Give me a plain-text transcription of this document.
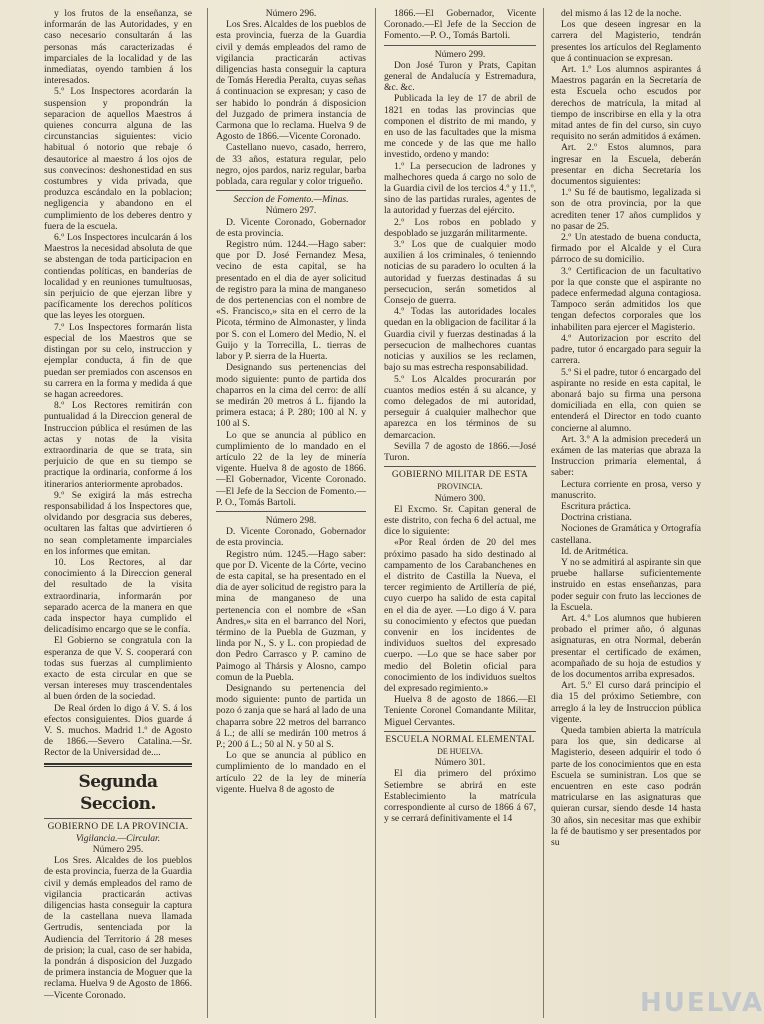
y los frutos de la enseñanza, se informarán de las Autoridades, y en caso necesario consultarán á las personas más caracterizadas é imparciales de la localidad y de las inmediatas, oyendo tambien á los interesados.

5.º Los Inspectores acordarán la suspension y propondrán la separacion de aquellos Maestros á quienes concurra alguna de las circunstancias siguientes: vicio habitual ó notorio que rebaje ó desautorice al maestro á los ojos de sus convecinos: deshonestidad en sus costumbres y vida privada, que produzca escándalo en la poblacion; negligencia y abandono en el cumplimiento de los deberes dentro y fuera de la escuela.

6.º Los Inspectores inculcarán á los Maestros la necesidad absoluta de que se abstengan de toda participacion en contiendas políticas, en banderías de localidad y en reuniones tumultuosas, sin perjuicio de que ejerzan libre y pacíficamente los derechos políticos que las leyes les otorguen.

7.º Los Inspectores formarán lista especial de los Maestros que se distingan por su celo, instruccion y ejemplar conducta, á fin de que puedan ser premiados con ascensos en su carrera en la forma y medida á que se hagan acreedores.

8.º Los Rectores remitirán con puntualidad á la Direccion general de Instruccion pública el resúmen de las actas y notas de la visita extraordinaria de que se trata, sin perjuicio de que en su tiempo se practique la ordinaria, conforme á los itinerarios anteriormente aprobados.

9.º Se exigirá la más estrecha responsabilidad á los Inspectores que, olvidando por desgracia sus deberes, ocultaren las faltas que advirtieren ó no sean completamente imparciales en los informes que emitan.

10. Los Rectores, al dar conocimiento á la Direccion general del resultado de la visita extraordinaria, informarán por separado acerca de la manera en que cada inspector haya cumplido el delicadísimo encargo que se le confía.

El Gobierno se congratula con la esperanza de que V. S. cooperará con todas sus fuerzas al cumplimiento exacto de esta circular en que se versan intereses muy trascendentales al buen órden de la sociedad.

De Real órden lo digo á V. S. á los efectos consiguientes. Dios guarde á V. S. muchos. Madrid 1.º de Agosto de 1866.—Severo Catalina.—Sr. Rector de la Universidad de....

Segunda Seccion.

GOBIERNO DE LA PROVINCIA.

Vigilancia.—Circular.

Número 295.

Los Sres. Alcaldes de los pueblos de esta provincia, fuerza de la Guardia civil y demás empleados del ramo de vigilancia practicarán activas diligencias hasta conseguir la captura de la castellana nueva llamada Gertrudis, sentenciada por la Audiencia del Territorio á 28 meses de prision; la cual, caso de ser habida, la pondrán á disposicion del Juzgado de primera instancia de Moguer que la reclama. Huelva 9 de Agosto de 1866.—Vicente Coronado.

Número 296.

Los Sres. Alcaldes de los pueblos de esta provincia, fuerza de la Guardia civil y demás empleados del ramo de vigilancia practicarán activas diligencias hasta conseguir la captura de Tomás Heredia Peralta, cuyas señas á continuacion se expresan; y caso de ser habido lo pondrán á disposicion del Juzgado de primera instancia de Carmona que lo reclama. Huelva 9 de Agosto de 1866.—Vicente Coronado.

Castellano nuevo, casado, herrero, de 33 años, estatura regular, pelo negro, ojos pardos, nariz regular, barba poblada, cara regular y color trigueño.

Seccion de Fomento.—Minas.

Número 297.

D. Vicente Coronado, Gobernador de esta provincia.

Registro núm. 1244.—Hago saber: que por D. José Fernandez Mesa, vecino de esta capital, se ha presentado en el dia de ayer solicitud de registro para la mina de manganeso de dos pertenencias con el nombre de «S. Francisco,» sita en el cerro de la Picota, término de Almonaster, y linda por S. con el Lomero del Medio, N. el Guijo y la Torrecilla, L. tierras de labor y P. sierra de la Huerta.

Designando sus pertenencias del modo siguiente: punto de partida dos chaparros en la cima del cerro: de allí se medirán 20 metros á L. fijando la primera estaca; á P. 280; 100 al N. y 100 al S.

Lo que se anuncia al público en cumplimiento de lo mandado en el artículo 22 de la ley de minería vigente. Huelva 8 de agosto de 1866.—El Gobernador, Vicente Coronado.—El Jefe de la Seccion de Fomento.—P. O., Tomás Bartoli.

Número 298.

D. Vicente Coronado, Gobernador de esta provincia.

Registro núm. 1245.—Hago saber: que por D. Vicente de la Córte, vecino de esta capital, se ha presentado en el dia de ayer solicitud de registro para la mina de manganeso de una pertenencia con el nombre de «San Andres,» sita en el barranco del Nori, término de la Puebla de Guzman, y linda por N., S. y L. con propiedad de don Pedro Carrasco y P. camino de Paimogo al Thársis y Alosno, campo comun de la Puebla.

Designando su pertenencia del modo siguiente: punto de partida un pozo ó zanja que se hará al lado de una chaparra sobre 22 metros del barranco á L.; de allí se medirán 100 metros á P.; 200 á L.; 50 al N. y 50 al S.

Lo que se anuncia al público en cumplimiento de lo mandado en el artículo 22 de la ley de minería vigente. Huelva 8 de agosto de

1866.—El Gobernador, Vicente Coronado.—El Jefe de la Seccion de Fomento.—P. O., Tomás Bartoli.

Número 299.

Don José Turon y Prats, Capitan general de Andalucía y Estremadura, &c. &c.

Publicada la ley de 17 de abril de 1821 en todas las provincias que componen el distrito de mi mando, y en uso de las facultades que la misma me concede y de las que me hallo investido, ordeno y mando:

1.º La persecucion de ladrones y malhechores queda á cargo no solo de la Guardia civil de los tercios 4.º y 11.º, sino de las partidas rurales, agentes de la autoridad y fuerzas del ejército.

2.º Los robos en poblado y despoblado se juzgarán militarmente.

3.º Los que de cualquier modo auxilien á los criminales, ó tenienndo noticias de su paradero lo oculten á la autoridad y fuerzas destinadas á su persecucion, serán sometidos al Consejo de guerra.

4.º Todas las autoridades locales quedan en la obligacion de facilitar á la Guardia civil y fuerzas destinadas á la persecucion de malhechores cuantas noticias y auxilios se les reclamen, bajo su mas estrecha responsabilidad.

5.º Los Alcaldes procurarán por cuantos medios estén á su alcance, y como delegados de mi autoridad, perseguir á cualquier malhechor que aparezca en los términos de su demarcacion.

Sevilla 7 de agosto de 1866.—José Turon.

GOBIERNO MILITAR DE ESTA

PROVINCIA.

Número 300.

El Excmo. Sr. Capitan general de este distrito, con fecha 6 del actual, me dice lo siguiente:

«Por Real órden de 20 del mes próximo pasado ha sido destinado al campamento de los Carabanchenes en el distrito de Castilla la Nueva, el tercer regimiento de Artillería de pié, cuyo cuerpo ha salido de esta capital en el dia de ayer. —Lo digo á V. para su conocimiento y efectos que puedan convenir en los incidentes de individuos sueltos del expresado cuerpo. —Lo que se hace saber por medio del Boletin oficial para conocimiento de los individuos sueltos del expresado regimiento.»

Huelva 8 de agosto de 1866.—El Teniente Coronel Comandante Militar, Miguel Cervantes.

ESCUELA NORMAL ELEMENTAL

DE HUELVA.

Número 301.

El dia primero del próximo Setiembre se abrirá en este Establecimiento la matrícula correspondiente al curso de 1866 á 67, y se cerrará definitivamente el 14

del mismo á las 12 de la noche.

Los que deseen ingresar en la carrera del Magisterio, tendrán presentes los artículos del Reglamento que á continuacion se expresan.

Art. 1.º Los alumnos aspirantes á Maestros pagarán en la Secretaría de esta Escuela ocho escudos por derechos de matrícula, la mitad al tiempo de inscribirse en ella y la otra mitad antes de fin del curso, sin cuyo requisito no serán admitidos á exámen.

Art. 2.º Estos alumnos, para ingresar en la Escuela, deberán presentar en dicha Secretaría los documentos siguientes:

1.º Su fé de bautismo, legalizada si son de otra provincia, por la que acrediten tener 17 años cumplidos y no pasar de 25.

2.º Un atestado de buena conducta, firmado por el Alcalde y el Cura párroco de su domicilio.

3.º Certificacion de un facultativo por la que conste que el aspirante no padece enfermedad alguna contagiosa. Tampoco serán admitidos los que tengan defectos corporales que los inhabiliten para ejercer el Magisterio.

4.º Autorizacion por escrito del padre, tutor ó encargado para seguir la carrera.

5.º Si el padre, tutor ó encargado del aspirante no reside en esta capital, le abonará bajo su firma una persona domiciliada en ella, con quien se entenderá el Director en todo cuanto concierne al alumno.

Art. 3.º A la admision precederá un exámen de las materias que abraza la Instruccion primaria elemental, á saber:

Lectura corriente en prosa, verso y manuscrito.

Escritura práctica.

Doctrina cristiana.

Nociones de Gramática y Ortografía castellana.

Id. de Aritmética.

Y no se admitirá al aspirante sin que pruebe hallarse suficientemente instruido en estas enseñanzas, para poder seguir con fruto las lecciones de la Escuela.

Art. 4.º Los alumnos que hubieren probado el primer año, ó algunas asignaturas, en otra Normal, deberán presentar el certificado de exámen, acompañado de su hoja de estudios y de los documentos arriba expresados.

Art. 5.º El curso dará principio el dia 15 del próximo Setiembre, con arreglo á la ley de Instruccion pública vigente.

Queda tambien abierta la matrícula para los que, sin dedicarse al Magisterio, deseen adquirir el todo ó parte de los conocimientos que en esta Escuela se suministran. Los que se encuentren en este caso podrán matricularse en las asignaturas que quieran cursar, siendo desde 14 hasta 30 años, sin necesitar mas que exhibir la fé de bautismo y ser presentados por su

HUELVA
